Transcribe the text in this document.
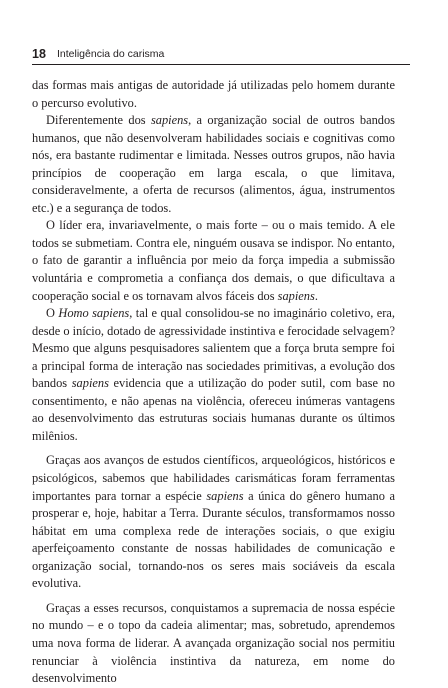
18 Inteligência do carisma

das formas mais antigas de autoridade já utilizadas pelo homem durante o percurso evolutivo.

Diferentemente dos sapiens, a organização social de outros bandos humanos, que não desenvolveram habilidades sociais e cognitivas como nós, era bastante rudimentar e limitada. Nesses outros grupos, não havia princípios de cooperação em larga escala, o que limitava, consideravelmente, a oferta de recursos (alimentos, água, instrumentos etc.) e a segurança de todos.

O líder era, invariavelmente, o mais forte – ou o mais temido. A ele todos se submetiam. Contra ele, ninguém ousava se indispor. No entanto, o fato de garantir a influência por meio da força impedia a submissão voluntária e comprometia a confiança dos demais, o que dificultava a cooperação social e os tornavam alvos fáceis dos sapiens.

O Homo sapiens, tal e qual consolidou-se no imaginário coletivo, era, desde o início, dotado de agressividade instintiva e ferocidade selvagem? Mesmo que alguns pesquisadores salientem que a força bruta sempre foi a principal forma de interação nas sociedades primitivas, a evolução dos bandos sapiens evidencia que a utilização do poder sutil, com base no consentimento, e não apenas na violência, ofereceu inúmeras vantagens ao desenvolvimento das estruturas sociais humanas durante os últimos milênios.

Graças aos avanços de estudos científicos, arqueológicos, históricos e psicológicos, sabemos que habilidades carismáticas foram ferramentas importantes para tornar a espécie sapiens a única do gênero humano a prosperar e, hoje, habitar a Terra. Durante séculos, transformamos nosso hábitat em uma complexa rede de interações sociais, o que exigiu aperfeiçoamento constante de nossas habilidades de comunicação e organização social, tornando-nos os seres mais sociáveis da escala evolutiva.

Graças a esses recursos, conquistamos a supremacia de nossa espécie no mundo – e o topo da cadeia alimentar; mas, sobretudo, aprendemos uma nova forma de liderar. A avançada organização social nos permitiu renunciar à violência instintiva da natureza, em nome do desenvolvimento
